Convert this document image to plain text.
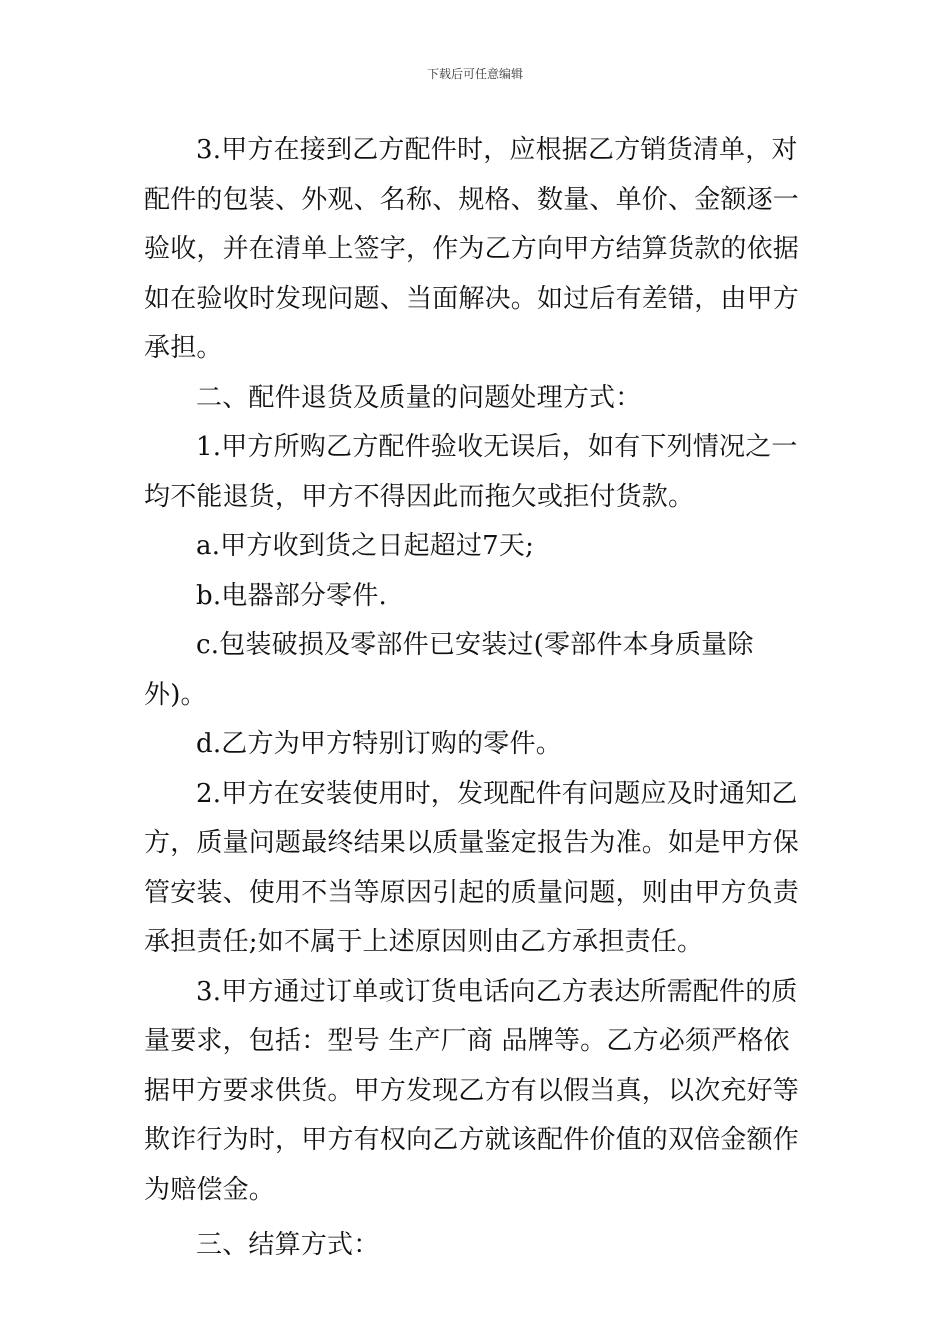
下载后可任意编辑

3.甲方在接到乙方配件时，应根据乙方销货清单，对配件的包装、外观、名称、规格、数量、单价、金额逐一验收，并在清单上签字，作为乙方向甲方结算货款的依据如在验收时发现问题、当面解决。如过后有差错，由甲方承担。

二、配件退货及质量的问题处理方式：

1.甲方所购乙方配件验收无误后，如有下列情况之一均不能退货，甲方不得因此而拖欠或拒付货款。

a.甲方收到货之日起超过7天;

b.电器部分零件.

c.包装破损及零部件已安装过(零部件本身质量除外)。

d.乙方为甲方特别订购的零件。

2.甲方在安装使用时，发现配件有问题应及时通知乙方，质量问题最终结果以质量鉴定报告为准。如是甲方保管安装、使用不当等原因引起的质量问题，则由甲方负责承担责任;如不属于上述原因则由乙方承担责任。

3.甲方通过订单或订货电话向乙方表达所需配件的质量要求，包括：型号 生产厂商 品牌等。乙方必须严格依据甲方要求供货。甲方发现乙方有以假当真，以次充好等欺诈行为时，甲方有权向乙方就该配件价值的双倍金额作为赔偿金。

三、结算方式：
